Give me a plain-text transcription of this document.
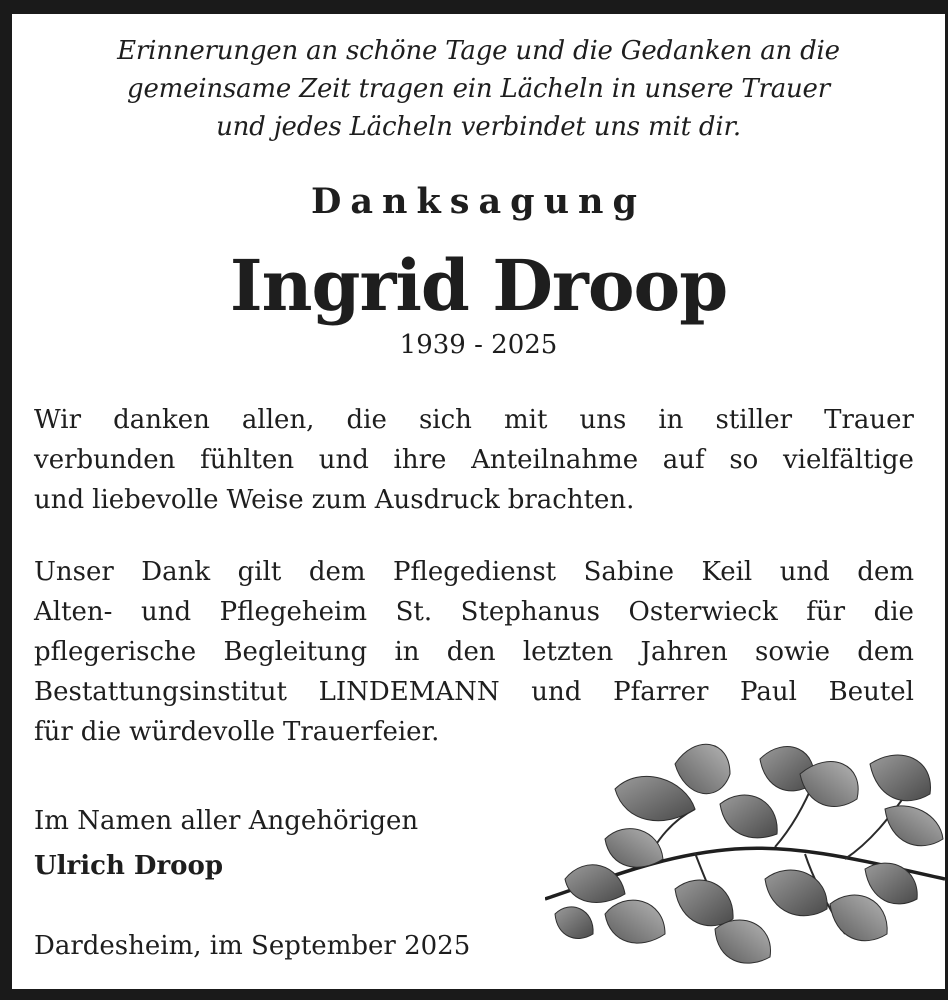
Erinnerungen an schöne Tage und die Gedanken an die
gemeinsame Zeit tragen ein Lächeln in unsere Trauer
und jedes Lächeln verbindet uns mit dir.
Danksagung
Ingrid Droop
1939 - 2025
Wir danken allen, die sich mit uns in stiller Trauer
verbunden fühlten und ihre Anteilnahme auf so vielfältige
und liebevolle Weise zum Ausdruck brachten.
Unser Dank gilt dem Pflegedienst Sabine Keil und dem
Alten- und Pflegeheim St. Stephanus Osterwieck für die
pflegerische Begleitung in den letzten Jahren sowie dem
Bestattungsinstitut LINDEMANN und Pfarrer Paul Beutel
für die würdevolle Trauerfeier.
Im Namen aller Angehörigen
Ulrich Droop
Dardesheim, im September 2025
